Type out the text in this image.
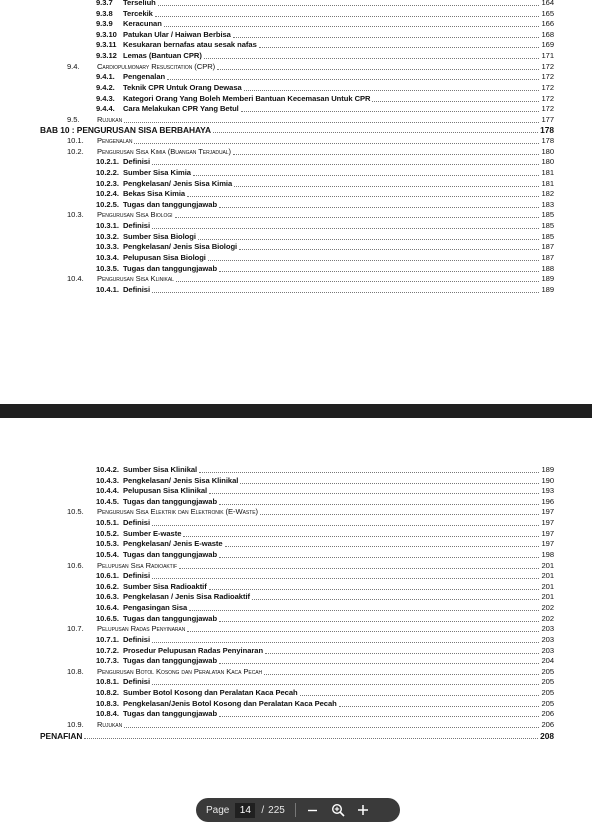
9.3.7	Terseliuh	164
9.3.8	Tercekik	165
9.3.9	Keracunan	166
9.3.10 Patukan Ular / Haiwan Berbisa	168
9.3.11 Kesukaran bernafas atau sesak nafas	169
9.3.12 Lemas (Bantuan CPR)	171
9.4.	Cardiopulmonary Resuscitation (CPR)	172
9.4.1.	Pengenalan	172
9.4.2.	Teknik CPR Untuk Orang Dewasa	172
9.4.3.	Kategori Orang Yang Boleh Memberi Bantuan Kecemasan Untuk CPR	172
9.4.4.	Cara Melakukan CPR Yang Betul	172
9.5.	Rujukan	177
BAB 10 : PENGURUSAN SISA BERBAHAYA	178
10.1.	Pengenalan	178
10.2.	Pengurusan Sisa Kimia (Buangan Terjadual)	180
10.2.1. Definisi	180
10.2.2. Sumber Sisa Kimia	181
10.2.3. Pengkelasan/ Jenis Sisa Kimia	181
10.2.4. Bekas Sisa Kimia	182
10.2.5. Tugas dan tanggungjawab	183
10.3.	Pengurusan Sisa Biologi	185
10.3.1. Definisi	185
10.3.2. Sumber Sisa Biologi	185
10.3.3. Pengkelasan/ Jenis Sisa Biologi	187
10.3.4. Pelupusan Sisa Biologi	187
10.3.5. Tugas dan tanggungjawab	188
10.4.	Pengurusan Sisa Klinikal	189
10.4.1. Definisi	189
10.4.2. Sumber Sisa Klinikal	189
10.4.3. Pengkelasan/ Jenis Sisa Klinikal	190
10.4.4. Pelupusan Sisa Klinikal	193
10.4.5. Tugas dan tanggungjawab	196
10.5.	Pengurusan Sisa Elektrik dan Elektronik (E-Waste)	197
10.5.1. Definisi	197
10.5.2. Sumber E-waste	197
10.5.3. Pengkelasan/ Jenis E-waste	197
10.5.4. Tugas dan tanggungjawab	198
10.6.	Pelupusan Sisa Radioaktif	201
10.6.1. Definisi	201
10.6.2. Sumber Sisa Radioaktif	201
10.6.3. Pengkelasan / Jenis Sisa Radioaktif	201
10.6.4. Pengasingan Sisa	202
10.6.5. Tugas dan tanggungjawab	202
10.7.	Pelupusan Radas Penyinaran	203
10.7.1. Definisi	203
10.7.2. Prosedur Pelupusan Radas Penyinaran	203
10.7.3. Tugas dan tanggungjawab	204
10.8.	Pengurusan Botol Kosong dan Peralatan Kaca Pecah	205
10.8.1. Definisi	205
10.8.2. Sumber Botol Kosong dan Peralatan Kaca Pecah	205
10.8.3. Pengkelasan/Jenis Botol Kosong dan Peralatan Kaca Pecah	205
10.8.4. Tugas dan tanggungjawab	206
10.9.	Rujukan	206
PENAFIAN	208
Page
14	/ 225
